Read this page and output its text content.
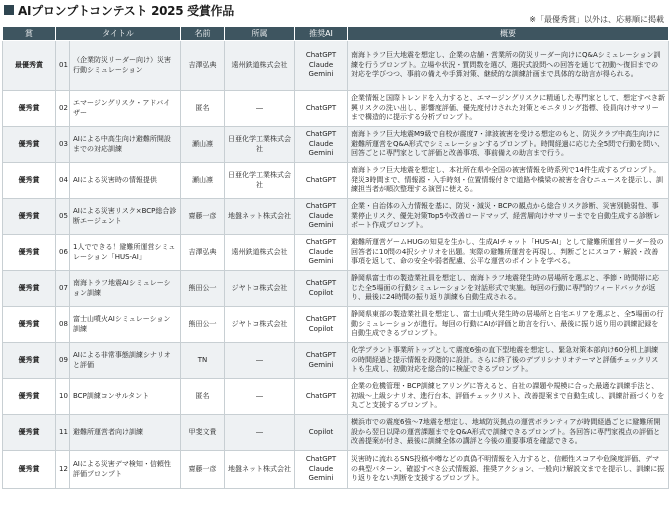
AIプロンプトコンテスト 2025 受賞作品
※「最優秀賞」以外は、応募順に掲載
賞	タイトル		名前	所属	推奨AI	概要
最優秀賞	01	（企業防災リーダー向け）災害行動シミュレーション	吉澤弘典	遠州鉄道株式会社	ChatGPT
Claude
Gemini	南海トラフ巨大地震を想定し、企業の店舗・営業所の防災リーダー向けにQ&Aシミュレーション訓練を行うプロンプト。立場や状況・質問数を選び、選択式設問への回答を通じて初動～復旧までの対応を学びつつ、事前の備えや手算対策、継続的な訓練計画まで具体的な助言が得られる。
優秀賞	02	エマージングリスク・アドバイザー	匿名	―	ChatGPT	企業情報と国際トレンドを入力すると、エマージングリスクに精通した専門家として、想定すべき新興リスクの洗い出し、影響度評価、優先度付けされた対策とモニタリング指標、役員向けサマリーまで構造的に提示する分析プロンプト。
優秀賞	03	AIによる中高生向け避難所開設までの対応訓練	瀬山凛	日亜化学工業株式会社	ChatGPT
Claude
Gemini	南海トラフ巨大地震M9級で自校が震度7・津波被害を受ける想定のもと、防災クラブ中高生向けに避難所運営をQ&A形式でシミュレーションするプロンプト。時間経過に応じた全5問で行動を問い、回答ごとに専門家として評価と改善事項、事前備えの助言まで行う。
優秀賞	04	AIによる災害時の情報提供	瀬山凛	日亜化学工業株式会社	ChatGPT	南海トラフ巨大地震を想定し、本社所在県や全国の被害情報を時系列で14件生成するプロンプト。発災3時間まで、情報源・入手時刻・位置情報付きで道路や橋梁の被害を含むニュースを提示し、訓練担当者が順次整理する演習に使える。
優秀賞	05	AIによる災害リスク×BCP総合診断エージェント	齋藤一彦	地盤ネット株式会社	ChatGPT
Claude
Gemini	企業・自治体の入力情報を基に、防災・減災・BCPの観点から総合リスク診断、災害別脆弱性、事業停止リスク、優先対策Top5や改善ロードマップ、経営層向けサマリーまでを自動生成する診断レポート作成プロンプト。
優秀賞	06	1人でできる！避難所運営シミュレーション「HUS-AI」	吉澤弘典	遠州鉄道株式会社	ChatGPT
Claude
Gemini	避難所運営ゲームHUGの知見を生かし、生成AIチャット「HUS-AI」として避難所運営リーダー役の回答者に10問の4択シナリオを出題。実際の避難所運営を再現し、判断ごとにスコア・解説・改善事項を返して、命の安全や弱者配慮、公平な運営のポイントを学べる。
優秀賞	07	南海トラフ地震AIシミュレーション訓練	熊田公一	ジヤトコ株式会社	ChatGPT
Copilot	静岡県富士市の製造業社員を想定し、南海トラフ地震発生時の居場所を選ぶと、季節・時間帯に応じた全5場面の行動シミュレーションを対話形式で実施。毎回の行動に専門的フィードバックが返り、最後に24時間の振り返り訓練も自動生成される。
優秀賞	08	富士山噴火AIシミュレーション訓練	熊田公一	ジヤトコ株式会社	ChatGPT
Copilot	静岡県東部の製造業社員を想定し、富士山噴火発生時の居場所と自宅エリアを選ぶと、全5場面の行動シミュレーションが進行。毎回の行動にAIが評価と助言を行い、最後に振り返り用の訓練記録を自動生成できるプロンプト。
優秀賞	09	AIによる非常事態訓練シナリオと評価	TN	―	ChatGPT
Gemini	化学プラント事業所トップとして震度6強の直下型地震を想定し、緊急対策本部向け60分机上訓練の時間経過と提示情報を段階的に設計。さらに終了後のデブリシナリオテーマと評価チェックリストも生成し、初動対応を総合的に検証できるプロンプト。
優秀賞	10	BCP訓練コンサルタント	匿名	―	ChatGPT	企業の危機管理・BCP訓練ヒアリングに答えると、自社の課題や規模に合った最適な訓練手法と、初級～上級シナリオ、進行台本、評価チェックリスト、改善提案まで自動生成し、訓練計画づくりを丸ごと支援するプロンプト。
優秀賞	11	避難所運営者向け訓練	甲斐文貴	―	Copilot	横浜市での震度6強～7地震を想定し、地域防災拠点の運営ボランティアが時間経過ごとに避難所開設から翌日以降の運営課題までをQ&A形式で訓練できるプロンプト。各回答に専門家視点の評価と改善提案が付き、最後に訓練全体の講評と今後の重要事項を確認できる。
優秀賞	12	AIによる災害デマ検知・信頼性評価プロンプト	齋藤一彦	地盤ネット株式会社	ChatGPT
Claude
Gemini	災害時に流れるSNS投稿や噂などの真偽不明情報を入力すると、信頼性スコアや危険度評価、デマの典型パターン、確認すべき公式情報源、推奨アクション、一般向け解説文までを提示し、訓練に振り返りをない判断を支援するプロンプト。
